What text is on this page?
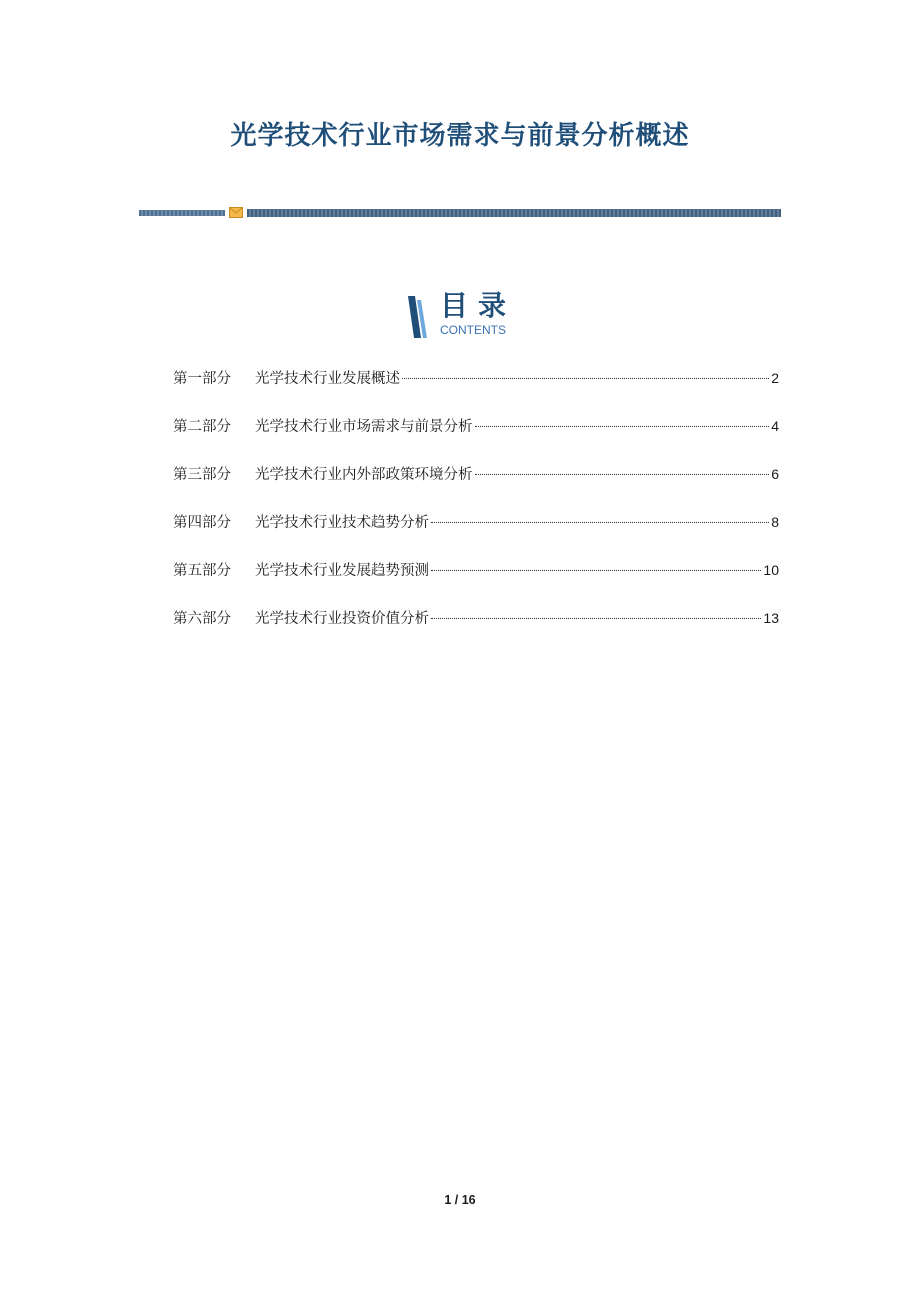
光学技术行业市场需求与前景分析概述
目录
CONTENTS
第一部分	光学技术行业发展概述	2
第二部分	光学技术行业市场需求与前景分析	4
第三部分	光学技术行业内外部政策环境分析	6
第四部分	光学技术行业技术趋势分析	8
第五部分	光学技术行业发展趋势预测	10
第六部分	光学技术行业投资价值分析	13
1 / 16
